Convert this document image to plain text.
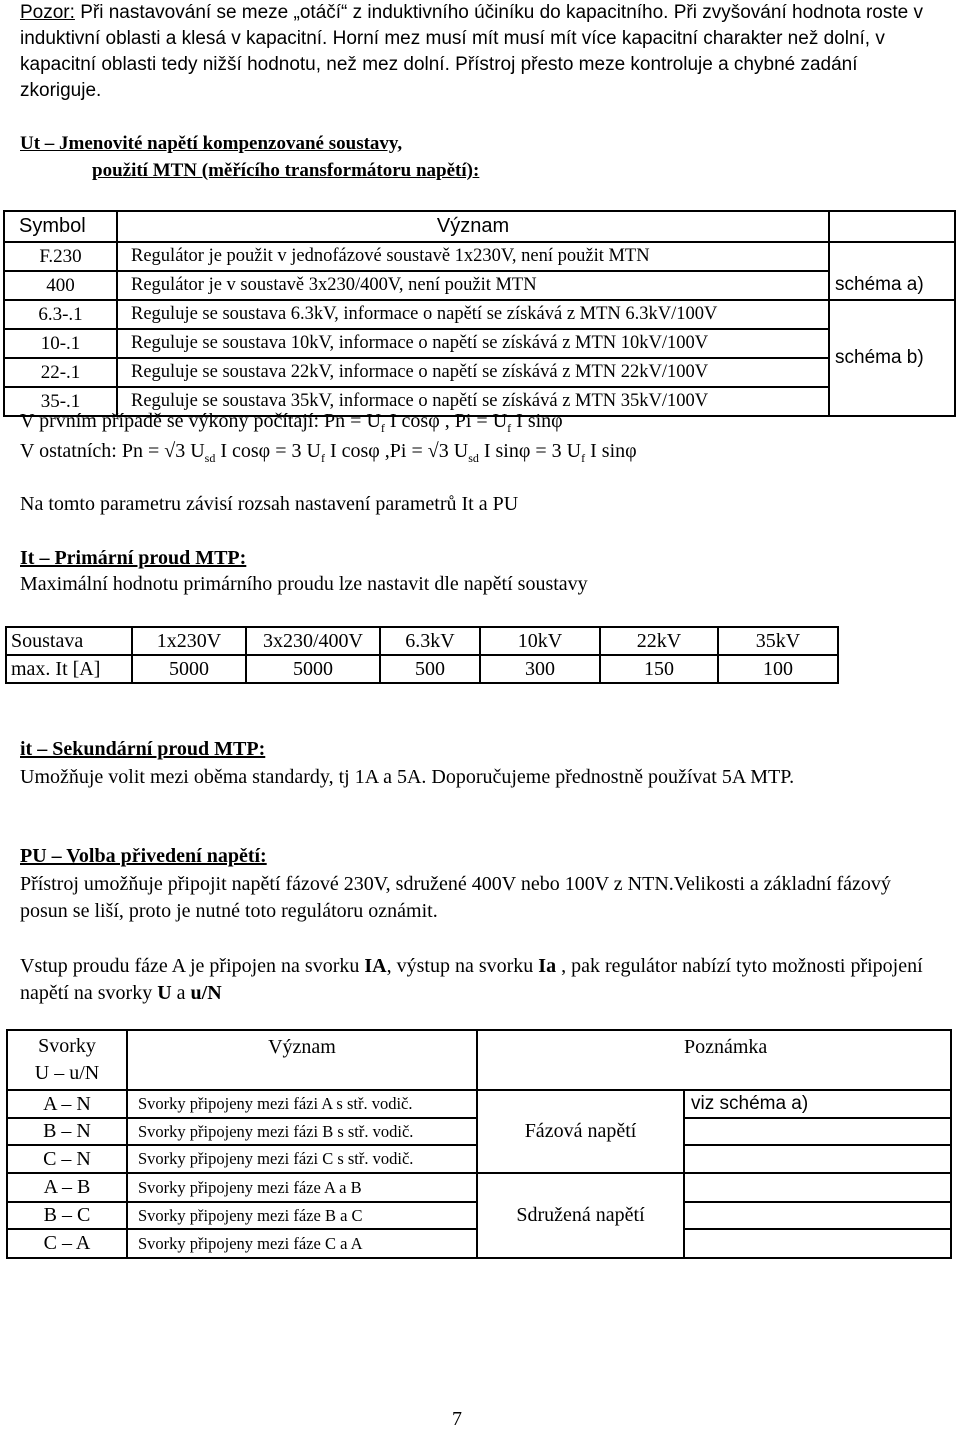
Pozor: Při nastavování se meze „otáčí“ z induktivního účiníku do kapacitního. Při zvyšování hodnota roste v induktivní oblasti a klesá v kapacitní. Horní mez musí mít musí mít více kapacitní charakter než dolní, v kapacitní oblasti tedy nižší hodnotu, než mez dolní. Přístroj přesto meze kontroluje a chybné zadání zkoriguje.

Ut – Jmenovité napětí kompenzované soustavy,
použití MTN (měřícího transformátoru napětí):
Symbol	Význam	
F.230	Regulátor je použit v jednofázové soustavě 1x230V, není použit MTN	
400	Regulátor je v soustavě 3x230/400V, není použit MTN	schéma a)
6.3-.1	Reguluje se soustava 6.3kV, informace o napětí se získává z MTN 6.3kV/100V	schéma b)
10-.1	Reguluje se soustava 10kV, informace o napětí se získává z MTN 10kV/100V	
22-.1	Reguluje se soustava 22kV, informace o napětí se získává z MTN 22kV/100V	
35-.1	Reguluje se soustava 35kV, informace o napětí se získává z MTN 35kV/100V	
V prvním případě se výkony počítají: $Pn = U_f$ I cosφ , $Pi = U_f$ I sinφ
V ostatních: Pn = √3 $U_{sd}$ I cosφ = 3 $U_f$ I cosφ ,Pi = √3 $U_{sd}$ I sinφ = 3 $U_f$ I sinφ
Na tomto parametru závisí rozsah nastavení parametrů It a PU
It – Primární proud MTP:
Maximální hodnotu primárního proudu lze nastavit dle napětí soustavy
Soustava	1x230V	3x230/400V	6.3kV	10kV	22kV	35kV
max. It [A]	5000	5000	500	300	150	100
it – Sekundární proud MTP:
Umožňuje volit mezi oběma standardy, tj 1A a 5A. Doporučujeme přednostně používat 5A MTP.
PU – Volba přivedení napětí:
Přístroj umožňuje připojit napětí fázové 230V, sdružené 400V nebo 100V z NTN.Velikosti a základní fázový posun se liší, proto je nutné toto regulátoru oznámit.
Vstup proudu fáze A je připojen na svorku IA, výstup na svorku Ia , pak regulátor nabízí tyto možnosti připojení napětí na svorky U a u/N
Svorky
U – u/N	Význam		Poznámka
A – N	Svorky připojeny mezi fázi A s stř. vodič.	Fázová napětí	viz schéma a)
B – N	Svorky připojeny mezi fázi B s stř. vodič.		
C – N	Svorky připojeny mezi fázi C s stř. vodič.		
A – B	Svorky připojeny mezi fáze A a B	Sdružená napětí	
B – C	Svorky připojeny mezi fáze B a C		
C – A	Svorky připojeny mezi fáze C a A		
7
